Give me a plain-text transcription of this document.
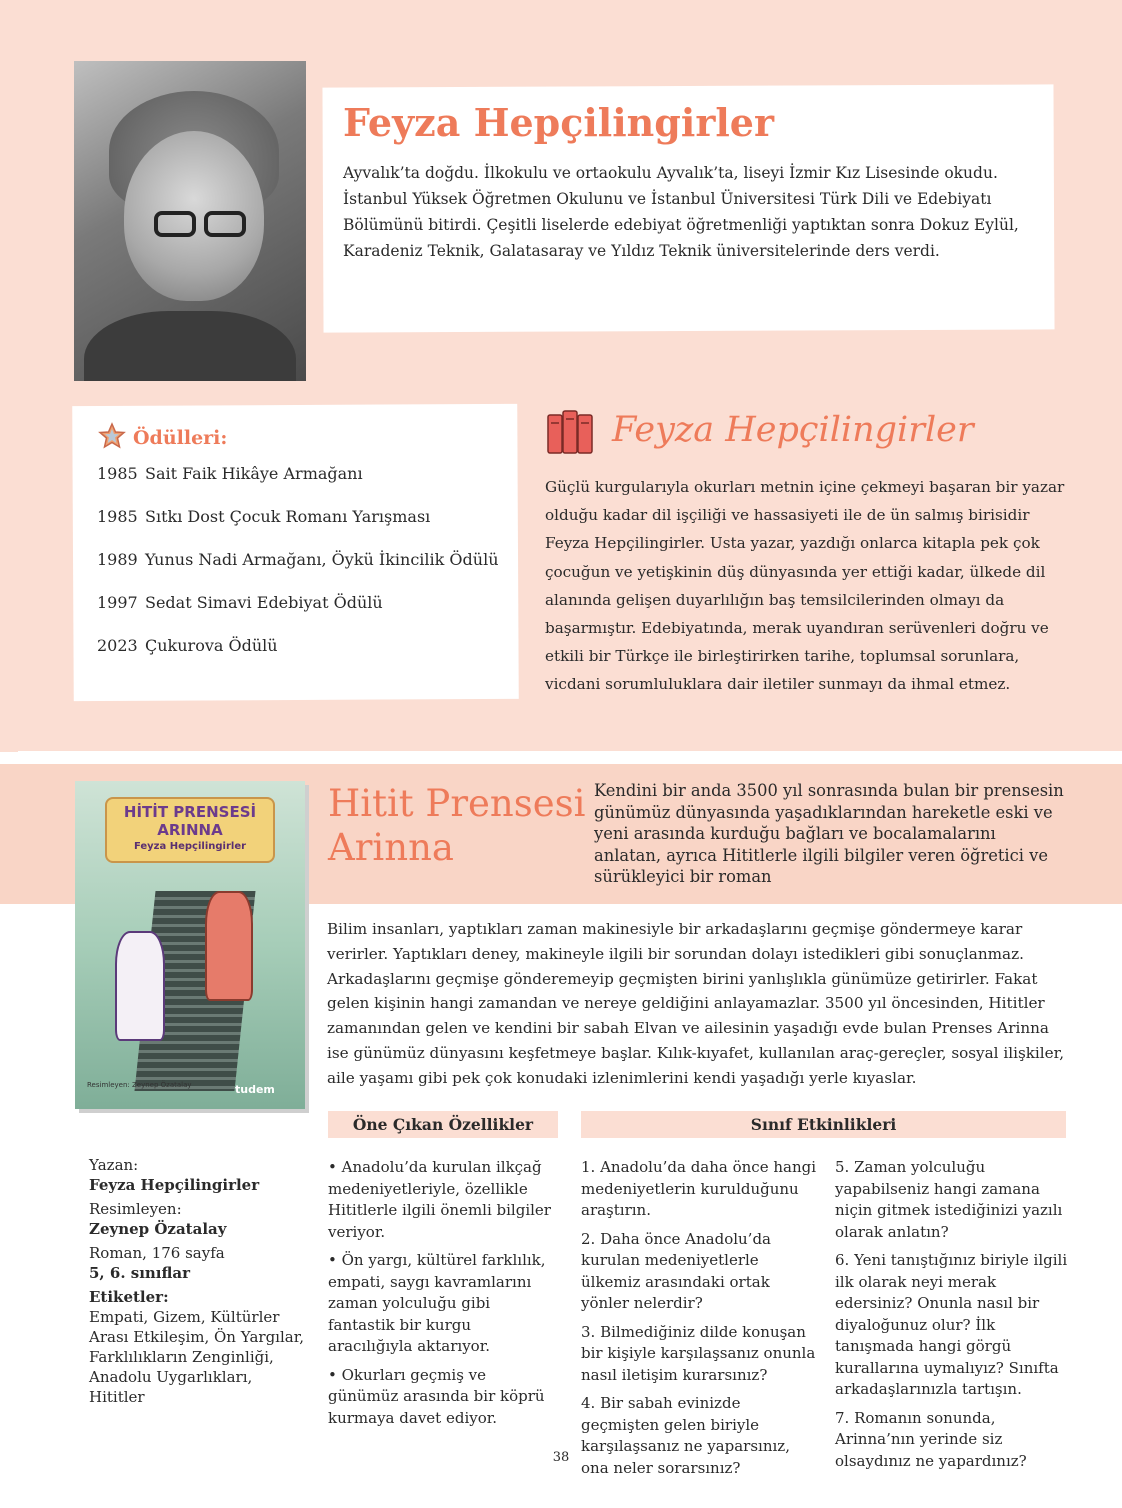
Feyza Hepçilingirler
Ayvalık’ta doğdu. İlkokulu ve ortaokulu Ayvalık’ta, liseyi İzmir Kız Lisesinde okudu. İstanbul Yüksek Öğretmen Okulunu ve İstanbul Üniversitesi Türk Dili ve Edebiyatı Bölümünü bitirdi. Çeşitli liselerde edebiyat öğretmenliği yaptıktan sonra Dokuz Eylül, Karadeniz Teknik, Galatasaray ve Yıldız Teknik üniversitelerinde ders verdi.
Ödülleri:
1985 Sait Faik Hikâye Armağanı
1985 Sıtkı Dost Çocuk Romanı Yarışması
1989 Yunus Nadi Armağanı, Öykü İkincilik Ödülü
1997 Sedat Simavi Edebiyat Ödülü
2023 Çukurova Ödülü
Feyza Hepçilingirler
Güçlü kurgularıyla okurları metnin içine çekmeyi başaran bir yazar olduğu kadar dil işçiliği ve hassasiyeti ile de ün salmış birisidir Feyza Hepçilingirler. Usta yazar, yazdığı onlarca kitapla pek çok çocuğun ve yetişkinin düş dünyasında yer ettiği kadar, ülkede dil alanında gelişen duyarlılığın baş temsilcilerinden olmayı da başarmıştır. Edebiyatında, merak uyandıran serüvenleri doğru ve etkili bir Türkçe ile birleştirirken tarihe, toplumsal sorunlara, vicdani sorumluluklara dair iletiler sunmayı da ihmal etmez.
HİTİT PRENSESİ
ARINNA
Feyza Hepçilingirler
Resimleyen: Zeynep Özatalay	tudem
Hitit Prensesi Arinna
Kendini bir anda 3500 yıl sonrasında bulan bir prensesin günümüz dünyasında yaşadıklarından hareketle eski ve yeni arasında kurduğu bağları ve bocalamalarını anlatan, ayrıca Hititlerle ilgili bilgiler veren öğretici ve sürükleyici bir roman
Bilim insanları, yaptıkları zaman makinesiyle bir arkadaşlarını geçmişe göndermeye karar verirler. Yaptıkları deney, makineyle ilgili bir sorundan dolayı istedikleri gibi sonuçlanmaz. Arkadaşlarını geçmişe gönderemeyip geçmişten birini yanlışlıkla günümüze getirirler. Fakat gelen kişinin hangi zamandan ve nereye geldiğini anlayamazlar. 3500 yıl öncesinden, Hititler zamanından gelen ve kendini bir sabah Elvan ve ailesinin yaşadığı evde bulan Prenses Arinna ise günümüz dünyasını keşfetmeye başlar. Kılık-kıyafet, kullanılan araç-gereçler, sosyal ilişkiler, aile yaşamı gibi pek çok konudaki izlenimlerini kendi yaşadığı yerle kıyaslar.
Öne Çıkan Özellikler	Sınıf Etkinlikleri
Yazan:
Feyza Hepçilingirler
Resimleyen:
Zeynep Özatalay
Roman, 176 sayfa
5, 6. sınıflar
Etiketler:
Empati, Gizem, Kültürler Arası Etkileşim, Ön Yargılar, Farklılıkların Zenginliği, Anadolu Uygarlıkları, Hititler

• Anadolu’da kurulan ilkçağ medeniyetleriyle, özellikle Hititlerle ilgili önemli bilgiler veriyor.

• Ön yargı, kültürel farklılık, empati, saygı kavramlarını zaman yolculuğu gibi fantastik bir kurgu aracılığıyla aktarıyor.

• Okurları geçmiş ve günümüz arasında bir köprü kurmaya davet ediyor.

1. Anadolu’da daha önce hangi medeniyetlerin kurulduğunu araştırın.

2. Daha önce Anadolu’da kurulan medeniyetlerle ülkemiz arasındaki ortak yönler nelerdir?

3. Bilmediğiniz dilde konuşan bir kişiyle karşılaşsanız onunla nasıl iletişim kurarsınız?

4. Bir sabah evinizde geçmişten gelen biriyle karşılaşsanız ne yaparsınız, ona neler sorarsınız?

5. Zaman yolculuğu yapabilseniz hangi zamana niçin gitmek istediğinizi yazılı olarak anlatın?

6. Yeni tanıştığınız biriyle ilgili ilk olarak neyi merak edersiniz? Onunla nasıl bir diyaloğunuz olur? İlk tanışmada hangi görgü kurallarına uymalıyız? Sınıfta arkadaşlarınızla tartışın.

7. Romanın sonunda, Arinna’nın yerinde siz olsaydınız ne yapardınız?

38
